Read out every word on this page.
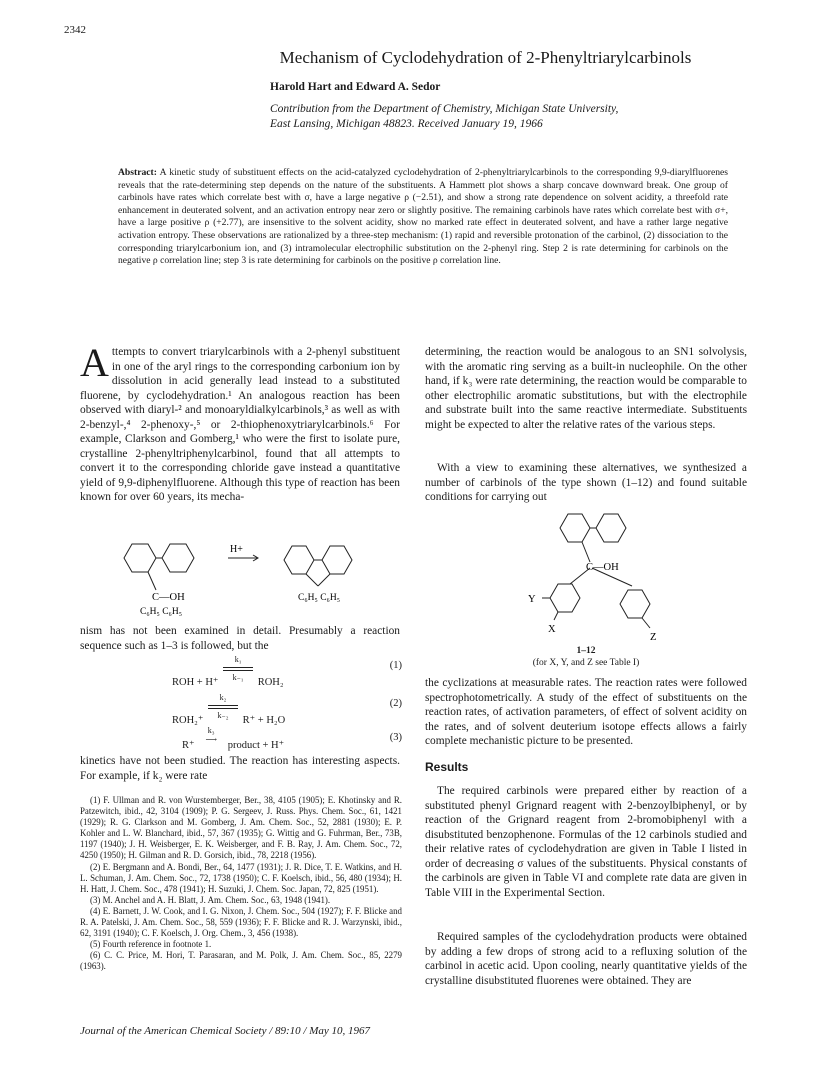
2342
Mechanism of Cyclodehydration of 2-Phenyltriarylcarbinols
Harold Hart and Edward A. Sedor
Contribution from the Department of Chemistry, Michigan State University,
East Lansing, Michigan 48823. Received January 19, 1966
Abstract: A kinetic study of substituent effects on the acid-catalyzed cyclodehydration of 2-phenyltriarylcarbinols to the corresponding 9,9-diarylfluorenes reveals that the rate-determining step depends on the nature of the substituents. A Hammett plot shows a sharp concave downward break. One group of carbinols have rates which correlate best with σ, have a large negative ρ (−2.51), and show a strong rate dependence on solvent acidity, a threefold rate enhancement in deuterated solvent, and an activation entropy near zero or slightly positive. The remaining carbinols have rates which correlate best with σ+, have a large positive ρ (+2.77), are insensitive to the solvent acidity, show no marked rate effect in deuterated solvent, and have a rather large negative activation entropy. These observations are rationalized by a three-step mechanism: (1) rapid and reversible protonation of the carbinol, (2) dissociation to the corresponding triarylcarbonium ion, and (3) intramolecular electrophilic substitution on the 2-phenyl ring. Step 2 is rate determining for carbinols on the negative ρ correlation line; step 3 is rate determining for carbinols on the positive ρ correlation line.
Attempts to convert triarylcarbinols with a 2-phenyl substituent in one of the aryl rings to the corresponding carbonium ion by dissolution in acid generally lead instead to a substituted fluorene, by cyclodehydration.¹ An analogous reaction has been observed with diaryl-² and monoaryldialkylcarbinols,³ as well as with 2-benzyl-,⁴ 2-phenoxy-,⁵ or 2-thiophenoxytriarylcarbinols.⁶ For example, Clarkson and Gomberg,¹ who were the first to isolate pure, crystalline 2-phenyltriphenylcarbinol, found that all attempts to convert it to the corresponding chloride gave instead a quantitative yield of 9,9-diphenylfluorene. Although this type of reaction has been known for over 60 years, its mecha-
H+
C—OH
C₆H₅ C₆H₅
C₆H₅ C₆H₅
nism has not been examined in detail. Presumably a reaction sequence such as 1–3 is followed, but the
ROH + $H^+ \frac{\text{k₁}}{\text{k₋₁}} ROH_2$
(1)
$ROH_2^+ \frac{\text{k₂}}{\text{k₋₂}} R^+ + H_2O$
(2)
R⁺ k₃
⟶ product + H⁺
(3)
kinetics have not been studied. The reaction has interesting aspects. For example, if k₂ were rate

(1) F. Ullman and R. von Wurstemberger, Ber., 38, 4105 (1905); E. Khotinsky and R. Patzewitch, ibid., 42, 3104 (1909); P. G. Sergeev, J. Russ. Phys. Chem. Soc., 61, 1421 (1929); R. G. Clarkson and M. Gomberg, J. Am. Chem. Soc., 52, 2881 (1930); E. P. Kohler and L. W. Blanchard, ibid., 57, 367 (1935); G. Wittig and G. Fuhrman, Ber., 73B, 1197 (1940); J. H. Weisberger, E. K. Weisberger, and F. B. Ray, J. Am. Chem. Soc., 72, 4250 (1950); H. Gilman and R. D. Gorsich, ibid., 78, 2218 (1956).

(2) E. Bergmann and A. Bondi, Ber., 64, 1477 (1931); J. R. Dice, T. E. Watkins, and H. L. Schuman, J. Am. Chem. Soc., 72, 1738 (1950); C. F. Koelsch, ibid., 56, 480 (1934); H. H. Hatt, J. Chem. Soc., 478 (1941); H. Suzuki, J. Chem. Soc. Japan, 72, 825 (1951).

(3) M. Anchel and A. H. Blatt, J. Am. Chem. Soc., 63, 1948 (1941).

(4) E. Barnett, J. W. Cook, and I. G. Nixon, J. Chem. Soc., 504 (1927); F. F. Blicke and R. A. Patelski, J. Am. Chem. Soc., 58, 559 (1936); F. F. Blicke and R. J. Warzynski, ibid., 62, 3191 (1940); C. F. Koelsch, J. Org. Chem., 3, 456 (1938).

(5) Fourth reference in footnote 1.

(6) C. C. Price, M. Hori, T. Parasaran, and M. Polk, J. Am. Chem. Soc., 85, 2279 (1963).

determining, the reaction would be analogous to an SN1 solvolysis, with the aromatic ring serving as a built-in nucleophile. On the other hand, if k₃ were rate determining, the reaction would be comparable to other electrophilic aromatic substitutions, but with the electrophile and substrate built into the same reactive intermediate. Substituents might be expected to alter the relative rates of the various steps.
With a view to examining these alternatives, we synthesized a number of carbinols of the type shown (1–12) and found suitable conditions for carrying out
C—OH
Y
X
Z
1–12
(for X, Y, and Z see Table I)
the cyclizations at measurable rates. The reaction rates were followed spectrophotometrically. A study of the effect of substituents on the reaction rates, of activation parameters, of effect of solvent acidity on the rates, and of solvent deuterium isotope effects allows a fairly complete mechanistic picture to be presented.
Results
The required carbinols were prepared either by reaction of a substituted phenyl Grignard reagent with 2-benzoylbiphenyl, or by reaction of the Grignard reagent from 2-bromobiphenyl with a disubstituted benzophenone. Formulas of the 12 carbinols studied and their relative rates of cyclodehydration are given in Table I listed in order of decreasing σ values of the substituents. Physical constants of the carbinols are given in Table VI and complete rate data are given in Table VIII in the Experimental Section.
Required samples of the cyclodehydration products were obtained by adding a few drops of strong acid to a refluxing solution of the carbinol in acetic acid. Upon cooling, nearly quantitative yields of the crystalline disubstituted fluorenes were obtained. They are
Journal of the American Chemical Society / 89:10 / May 10, 1967
